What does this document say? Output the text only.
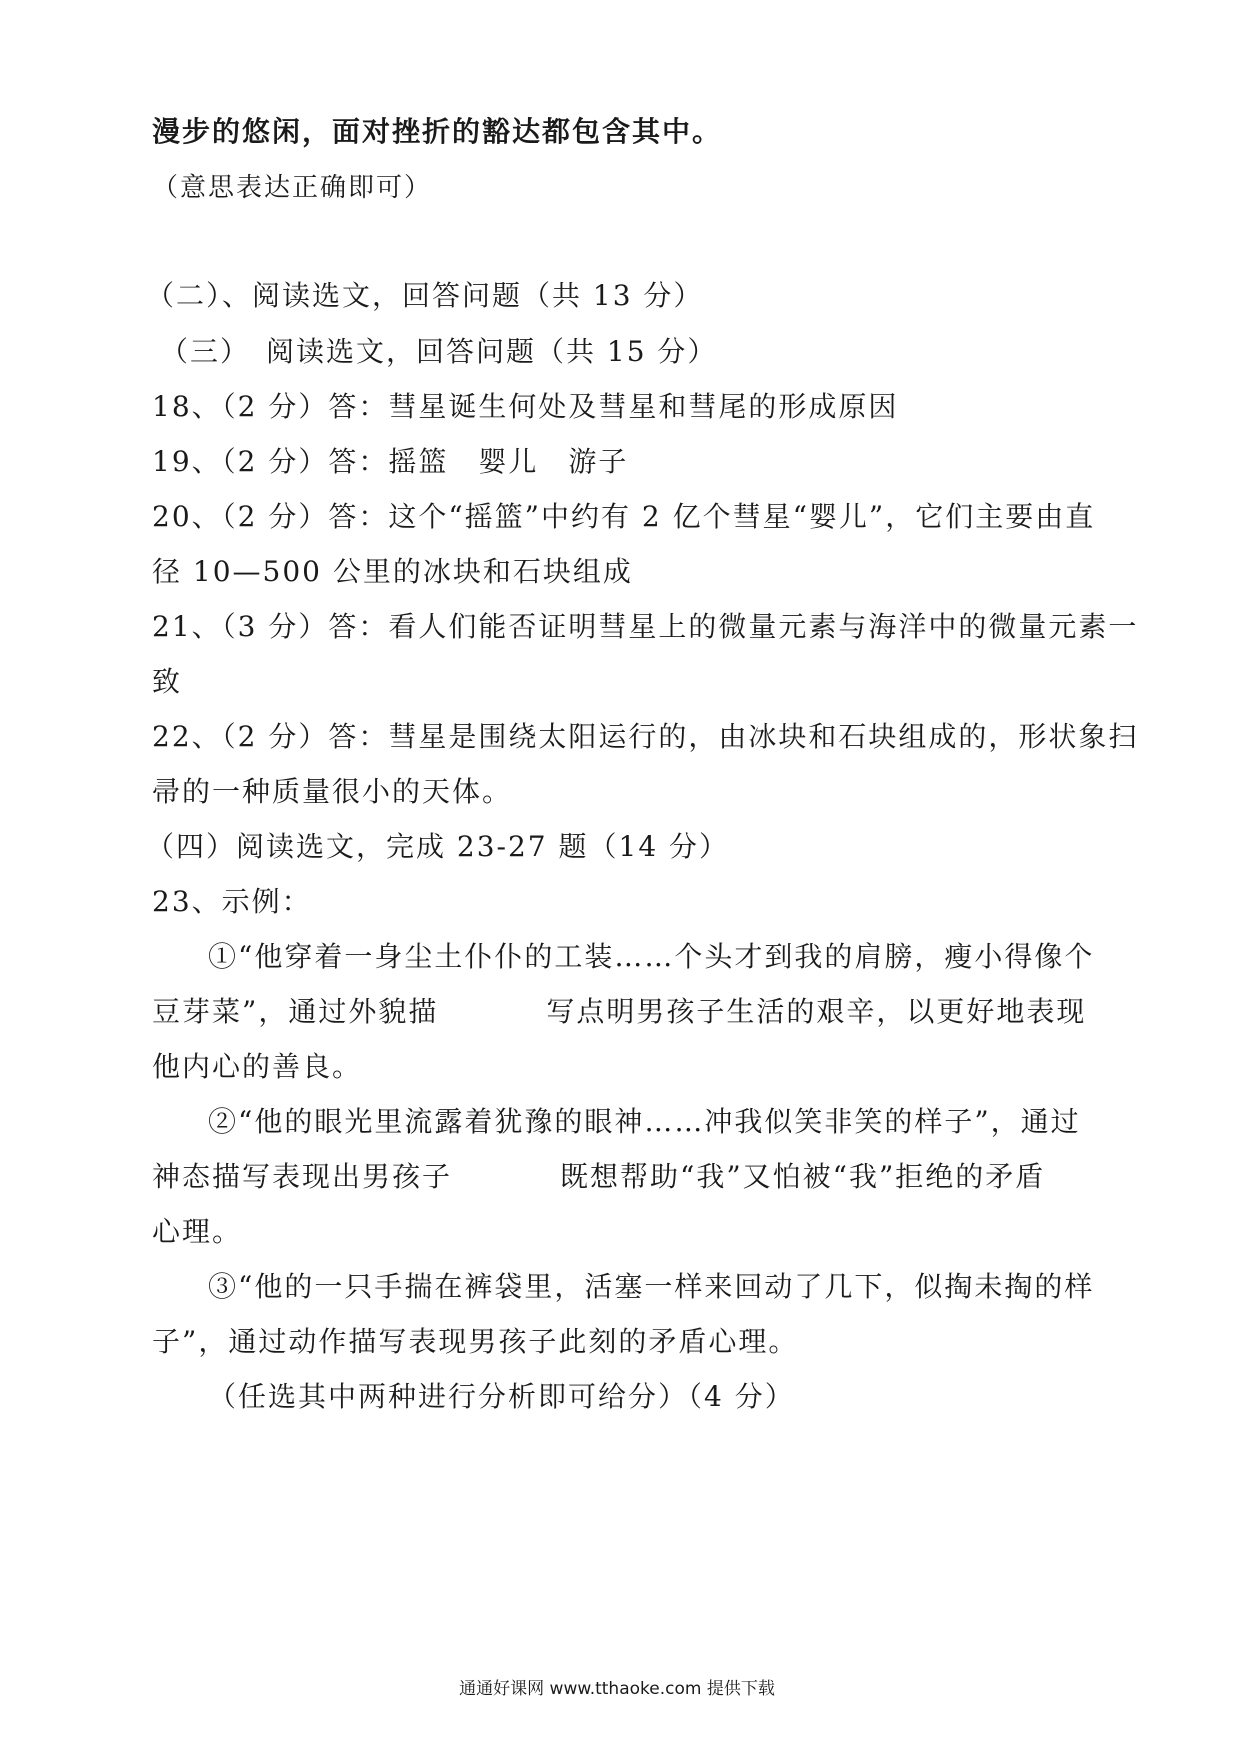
漫步的悠闲，面对挫折的豁达都包含其中。
（意思表达正确即可）
（二）、阅读选文，回答问题（共 13 分）
（三）　阅读选文，回答问题（共 15 分）
18、（2 分）答：彗星诞生何处及彗星和彗尾的形成原因
19、（2 分）答：摇篮　婴儿　游子
20、（2 分）答：这个“摇篮”中约有 2 亿个彗星“婴儿”，它们主要由直
径 10—500 公里的冰块和石块组成
21、（3 分）答：看人们能否证明彗星上的微量元素与海洋中的微量元素一
致
22、（2 分）答：彗星是围绕太阳运行的，由冰块和石块组成的，形状象扫
帚的一种质量很小的天体。
（四）阅读选文，完成 23-27 题（14 分）
23、示例：
①“他穿着一身尘土仆仆的工装……个头才到我的肩膀，瘦小得像个
豆芽菜”，通过外貌描	写点明男孩子生活的艰辛，以更好地表现
他内心的善良。
②“他的眼光里流露着犹豫的眼神……冲我似笑非笑的样子”，通过
神态描写表现出男孩子	既想帮助“我”又怕被“我”拒绝的矛盾
心理。
③“他的一只手揣在裤袋里，活塞一样来回动了几下，似掏未掏的样
子”，通过动作描写表现男孩子此刻的矛盾心理。
（任选其中两种进行分析即可给分）（4 分）
通通好课网 www.tthaoke.com 提供下载
